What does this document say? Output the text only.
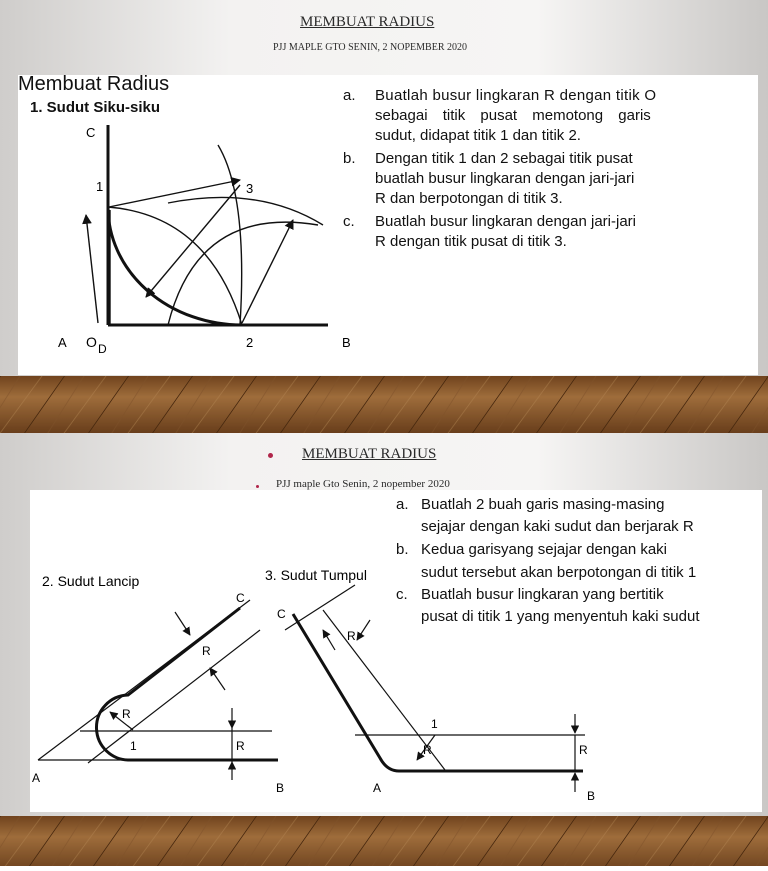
MEMBUAT RADIUS
PJJ MAPLE GTO SENIN, 2 NOPEMBER 2020
Membuat Radius
1. Sudut Siku-siku
C
1	3
A O D	2	B
a. Buatlah busur lingkaran R dengan titik O
sebagai titik pusat memotong garis
sudut, didapat titik 1 dan titik 2.
b. Dengan titik 1 dan 2 sebagai titik pusat
buatlah busur lingkaran dengan jari-jari
R dan berpotongan di titik 3.
c. Buatlah busur lingkaran dengan jari-jari
R dengan titik pusat di titik 3.
MEMBUAT RADIUS
PJJ maple Gto Senin, 2 nopember 2020
a. Buatlah 2 buah garis masing-masing
sejajar dengan kaki sudut dan berjarak R
b. Kedua garisyang sejajar dengan kaki
sudut tersebut akan berpotongan di titik 1
c. Buatlah busur lingkaran yang bertitik
pusat di titik 1 yang menyentuh kaki sudut
2. Sudut Lancip
C
R
R
1	R
A
B
3. Sudut Tumpul
C
R
1
R	R
A
B
